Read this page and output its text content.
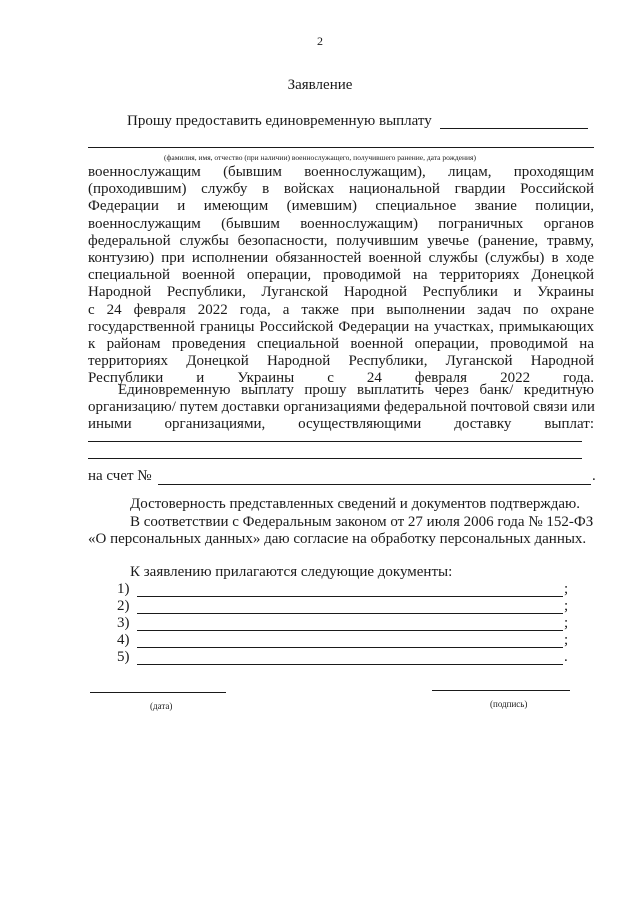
2
Заявление
Прошу предоставить единовременную выплату
(фамилия, имя, отчество (при наличии) военнослужащего, получившего ранение, дата рождения)
военнослужащим (бывшим военнослужащим), лицам, проходящим
(проходившим) службу в войсках национальной гвардии Российской
Федерации и имеющим (имевшим) специальное звание полиции,
военнослужащим (бывшим военнослужащим) пограничных органов
федеральной службы безопасности, получившим увечье (ранение, травму,
контузию) при исполнении обязанностей военной службы (службы) в ходе
специальной военной операции, проводимой на территориях Донецкой
Народной Республики, Луганской Народной Республики и Украины
с 24 февраля 2022 года, а также при выполнении задач по охране
государственной границы Российской Федерации на участках, примыкающих
к районам проведения специальной военной операции, проводимой на
территориях Донецкой Народной Республики, Луганской Народной
Республики и Украины с 24 февраля 2022 года.
Единовременную выплату прошу выплатить через банк/ кредитную
организацию/ путем доставки организациями федеральной почтовой связи или
иными организациями, осуществляющими доставку выплат:
на счет №	.
Достоверность представленных сведений и документов подтверждаю.
В соответствии с Федеральным законом от 27 июля 2006 года № 152-ФЗ
«О персональных данных» даю согласие на обработку персональных данных.
К заявлению прилагаются следующие документы:
1)	;
2)	;
3)	;
4)	;
5)	.
(дата)	(подпись)
